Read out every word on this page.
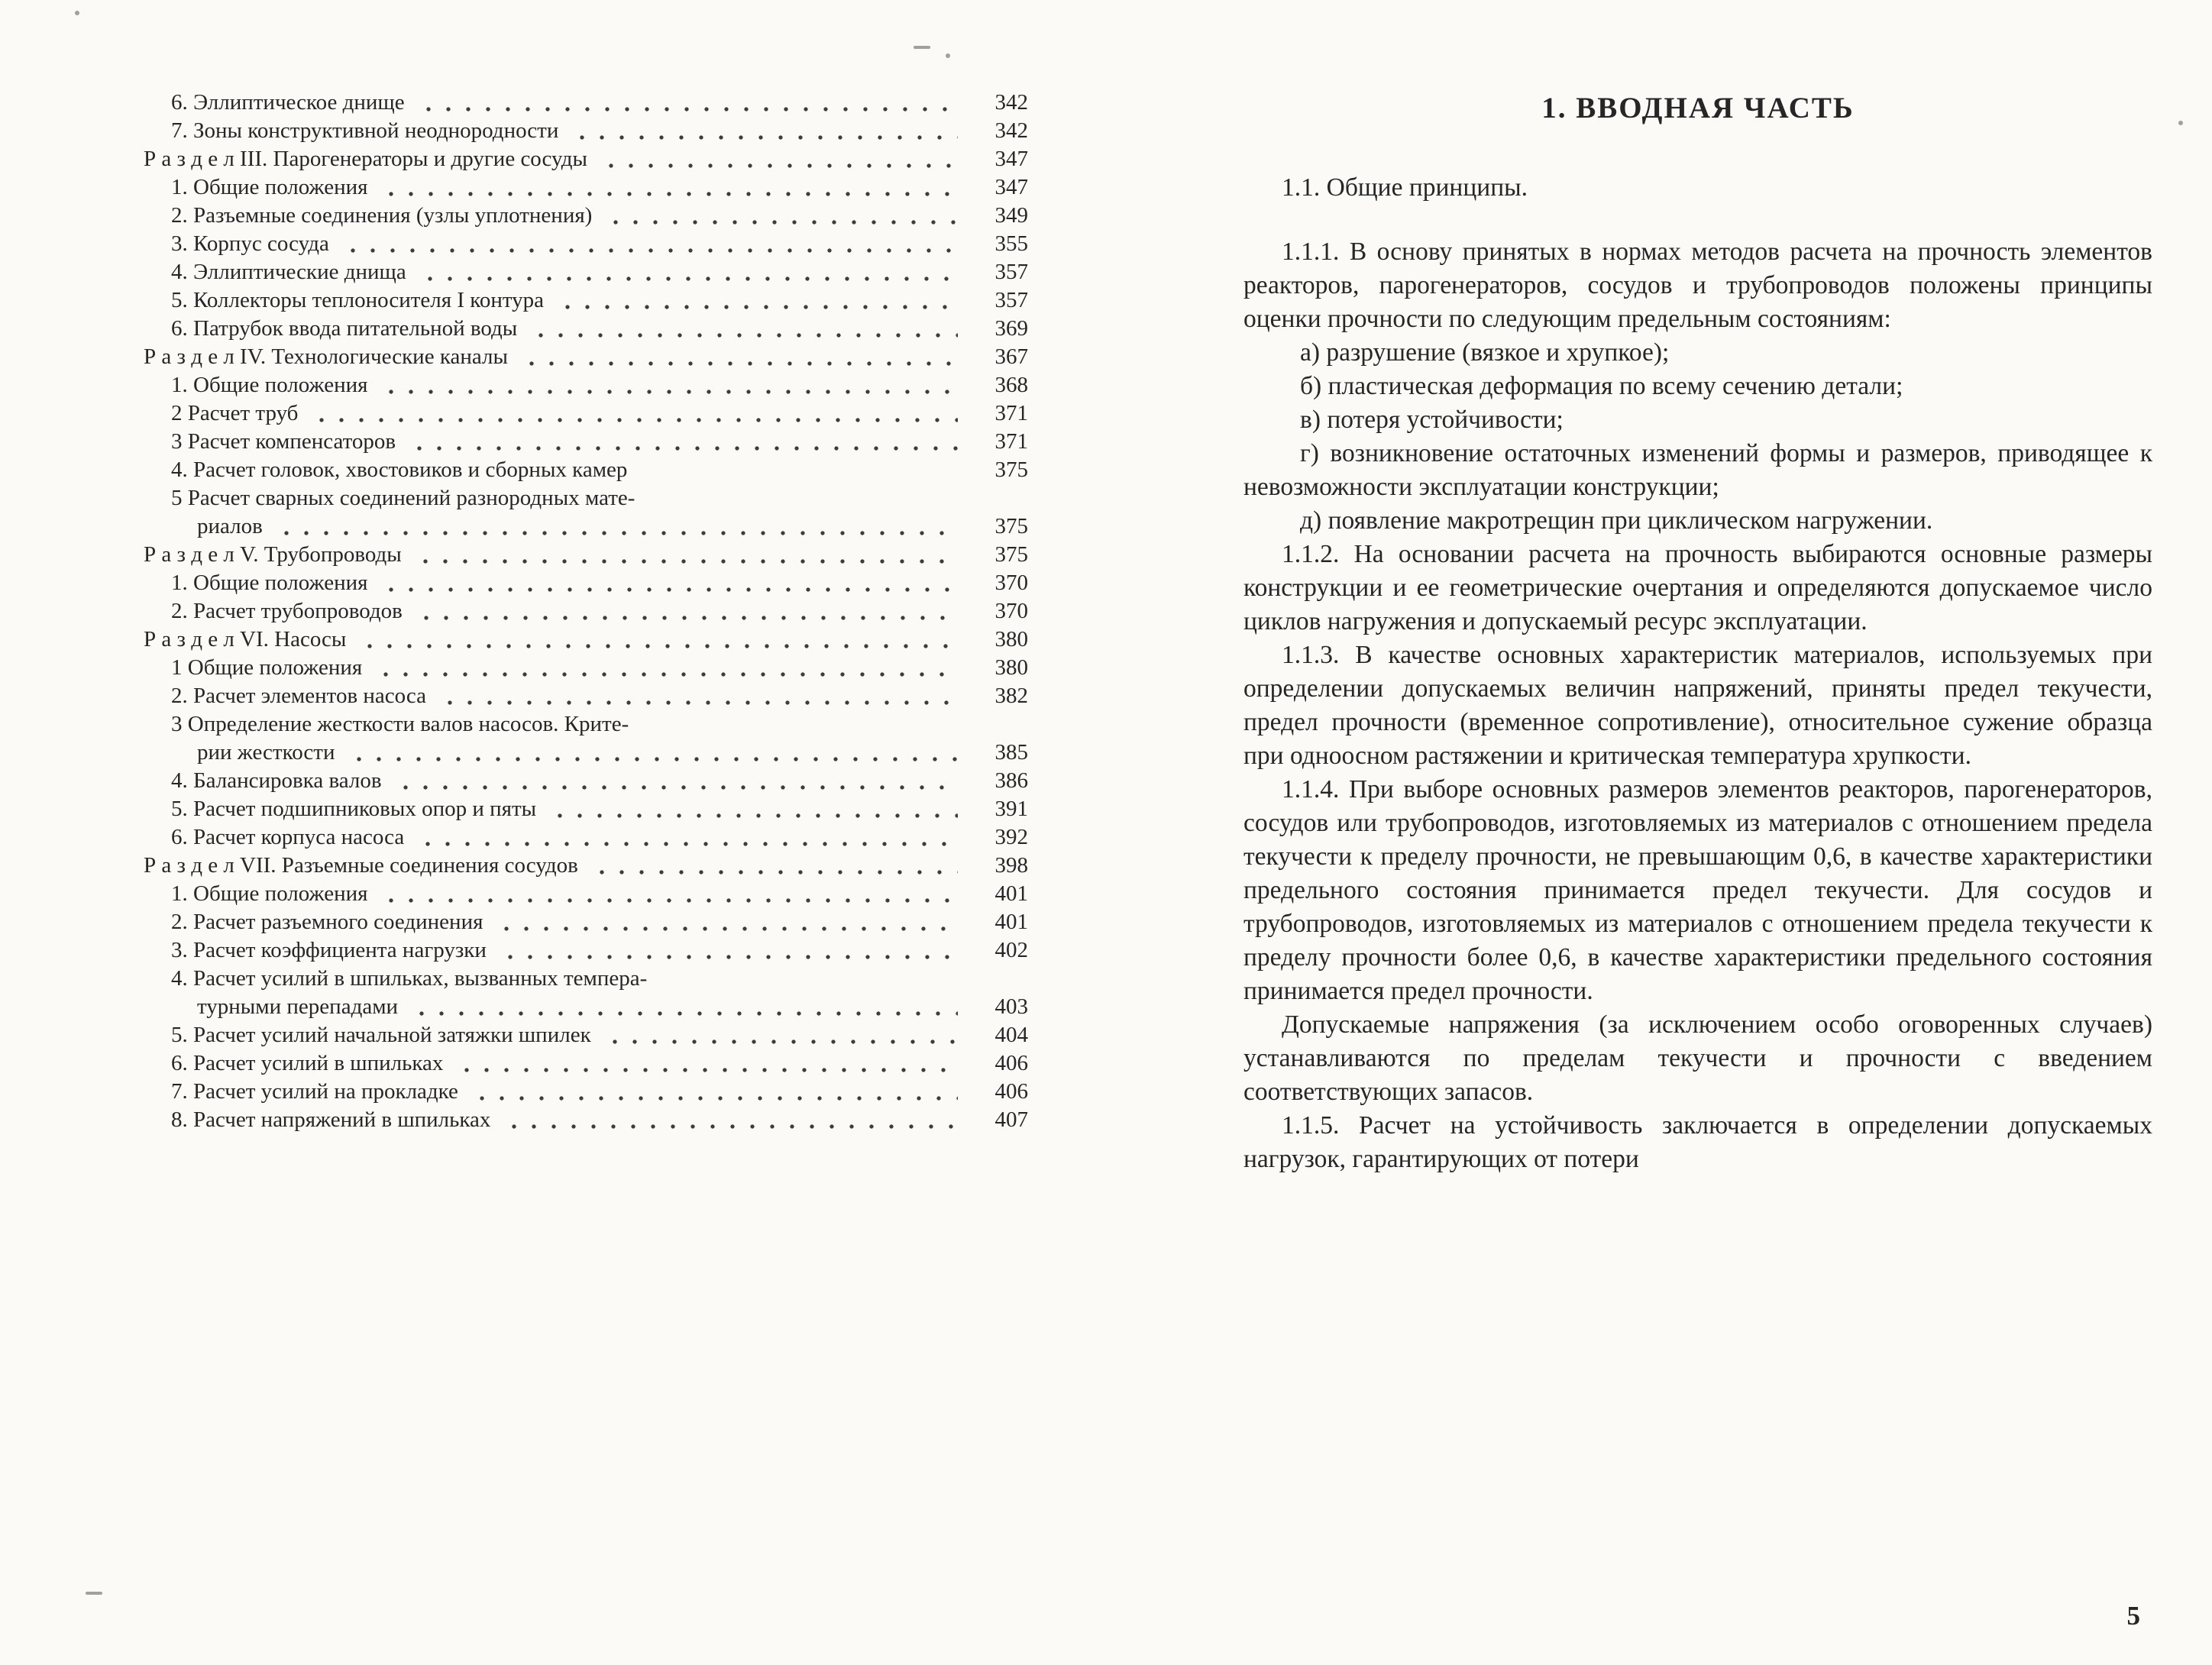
6. Эллиптическое днище	342
7. Зоны конструктивной неоднородности	342
Р а з д е л III. Парогенераторы и другие сосуды	347
1. Общие положения	347
2. Разъемные соединения (узлы уплотнения)	349
3. Корпус сосуда	355
4. Эллиптические днища	357
5. Коллекторы теплоносителя I контура	357
6. Патрубок ввода питательной воды	369
Р а з д е л IV. Технологические каналы	367
1. Общие положения	368
2 Расчет труб	371
3 Расчет компенсаторов	371
4. Расчет головок, хвостовиков и сборных камер	375
5 Расчет сварных соединений разнородных мате-
риалов	375
Р а з д е л V. Трубопроводы	375
1. Общие положения	370
2. Расчет трубопроводов	370
Р а з д е л VI. Насосы	380
1 Общие положения	380
2. Расчет элементов насоса	382
3 Определение жесткости валов насосов. Крите-
рии жесткости	385
4. Балансировка валов	386
5. Расчет подшипниковых опор и пяты	391
6. Расчет корпуса насоса	392
Р а з д е л VII. Разъемные соединения сосудов	398
1. Общие положения	401
2. Расчет разъемного соединения	401
3. Расчет коэффициента нагрузки	402
4. Расчет усилий в шпильках, вызванных темпера-
турными перепадами	403
5. Расчет усилий начальной затяжки шпилек	404
6. Расчет усилий в шпильках	406
7. Расчет усилий на прокладке	406
8. Расчет напряжений в шпильках	407
1. ВВОДНАЯ ЧАСТЬ

1.1. Общие принципы.

1.1.1. В основу принятых в нормах методов расчета на прочность элементов реакторов, парогенераторов, сосудов и трубопроводов положены принципы оценки прочности по следующим предельным состояниям:

а) разрушение (вязкое и хрупкое);

б) пластическая деформация по всему сечению детали;

в) потеря устойчивости;

г) возникновение остаточных изменений формы и размеров, приводящее к невозможности эксплуатации конструкции;

д) появление макротрещин при циклическом нагружении.

1.1.2. На основании расчета на прочность выбираются основные размеры конструкции и ее геометрические очертания и определяются допускаемое число циклов нагружения и допускаемый ресурс эксплуатации.

1.1.3. В качестве основных характеристик материалов, используемых при определении допускаемых величин напряжений, приняты предел текучести, предел прочности (временное сопротивление), относительное сужение образца при одноосном растяжении и критическая температура хрупкости.

1.1.4. При выборе основных размеров элементов реакторов, парогенераторов, сосудов или трубопроводов, изготовляемых из материалов с отношением предела текучести к пределу прочности, не превышающим 0,6, в качестве характеристики предельного состояния принимается предел текучести. Для сосудов и трубопроводов, изготовляемых из материалов с отношением предела текучести к пределу прочности более 0,6, в качестве характеристики предельного состояния принимается предел прочности.

Допускаемые напряжения (за исключением особо оговоренных случаев) устанавливаются по пределам текучести и прочности с введением соответствующих запасов.

1.1.5. Расчет на устойчивость заключается в определении допускаемых нагрузок, гарантирующих от потери

5
